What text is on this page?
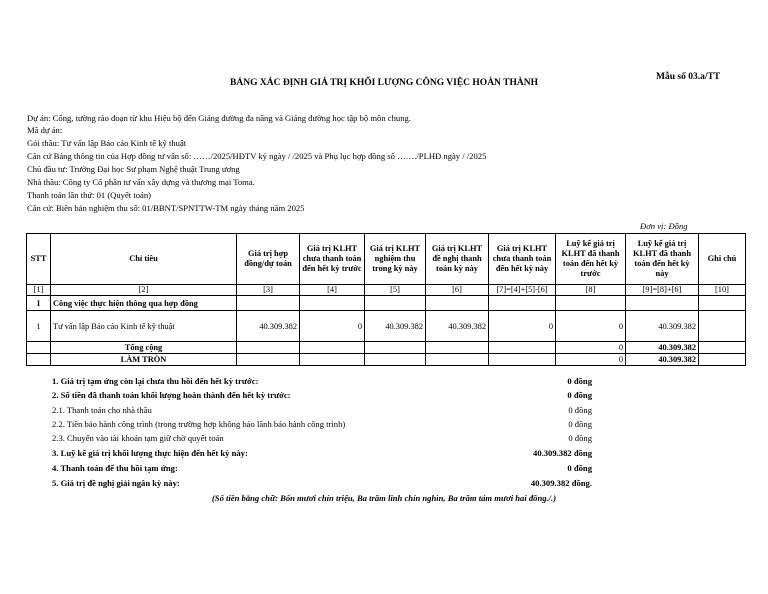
Mẫu số 03.a/TT
BẢNG XÁC ĐỊNH GIÁ TRỊ KHỐI LƯỢNG CÔNG VIỆC HOÀN THÀNH
Dự án: Cổng, tường rào đoạn từ khu Hiệu bộ đến Giảng đường đa năng và Giảng đường học tập bộ môn chung.
Mã dự án:
Gói thầu: Tư vấn lập Báo cáo Kinh tế kỹ thuật
Căn cứ Bảng thông tin của Hợp đồng tư vấn số: ……/2025/HĐTV ký ngày / /2025 và Phụ lục hợp đồng số ……./PLHĐ ngày / /2025
Chủ đầu tư: Trường Đại học Sư phạm Nghệ thuật Trung ương
Nhà thầu: Công ty Cổ phần tư vấn xây dựng và thương mại Toma.
Thanh toán lần thứ: 01 (Quyết toán)
Căn cứ: Biên bản nghiệm thu số: 01/BBNT/SPNTTW-TM ngày tháng năm 2025
Đơn vị: Đồng
STT	Chỉ tiêu	Giá trị hợp đồng/dự toán	Giá trị KLHT chưa thanh toán đến hết kỳ trước	Giá trị KLHT nghiệm thu trong kỳ này	Giá trị KLHT đề nghị thanh toán kỳ này	Giá trị KLHT chưa thanh toán đến hết kỳ này	Luỹ kế giá trị KLHT đã thanh toán đến hết kỳ trước	Luỹ kế giá trị KLHT đã thanh toán đến hết kỳ này	Ghi chú
[1]	[2]	[3]	[4]	[5]	[6]	[7]=[4]+[5]-[6]	[8]	[9]=[8]+[6]	[10]
I	Công việc thực hiện thông qua hợp đồng								
1	Tư vấn lập Báo cáo Kinh tế kỹ thuật	40.309.382	0	40.309.382	40.309.382	0	0	40.309.382	
	Tổng cộng						0	40.309.382	
	LÀM TRÒN						0	40.309.382	
1. Giá trị tạm ứng còn lại chưa thu hồi đến hết kỳ trước:	0 đồng
2. Số tiền đã thanh toán khối lượng hoàn thành đến hết kỳ trước:	0 đồng
2.1. Thanh toán cho nhà thầu	0 đồng
2.2. Tiền bảo hành công trình (trong trường hợp không bảo lãnh bảo hành công trình)	0 đồng
2.3. Chuyển vào tài khoản tạm giữ chờ quyết toán	0 đồng
3. Luỹ kế giá trị khối lượng thực hiện đến hết kỳ này:	40.309.382 đồng
4. Thanh toán để thu hồi tạm ứng:	0 đồng
5. Giá trị đề nghị giải ngân kỳ này:	40.309.382 đồng.
(Số tiền bằng chữ: Bốn mươi chín triệu, Ba trăm linh chín nghìn, Ba trăm tám mươi hai đồng./.)
